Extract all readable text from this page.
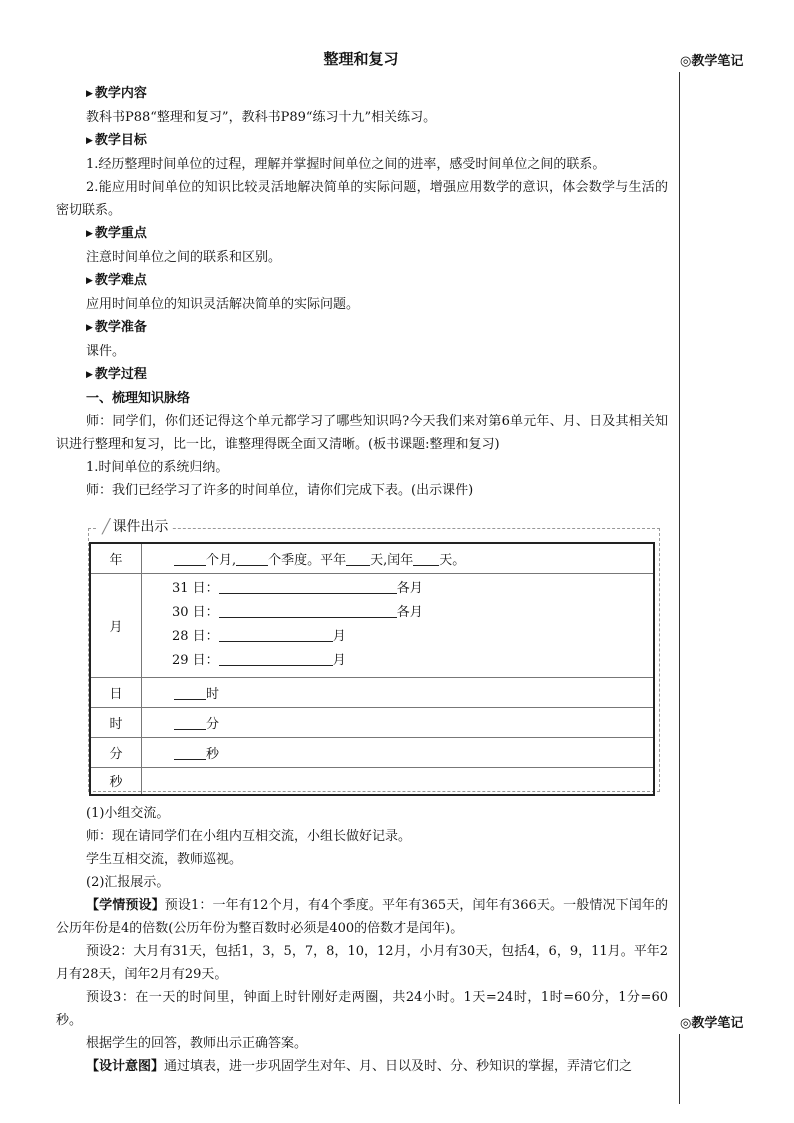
整理和复习	◎教学笔记
◎教学笔记

▶ 教学内容

教科书P88“整理和复习”，教科书P89“练习十九”相关练习。

▶ 教学目标

1.经历整理时间单位的过程，理解并掌握时间单位之间的进率，感受时间单位之间的联系。

2.能应用时间单位的知识比较灵活地解决简单的实际问题，增强应用数学的意识，体会数学与生活的密切联系。

▶ 教学重点

注意时间单位之间的联系和区别。

▶ 教学难点

应用时间单位的知识灵活解决简单的实际问题。

▶ 教学准备

课件。

▶ 教学过程

一、梳理知识脉络

师：同学们，你们还记得这个单元都学习了哪些知识吗?今天我们来对第6单元年、月、日及其相关知识进行整理和复习，比一比，谁整理得既全面又清晰。(板书课题:整理和复习)

1.时间单位的系统归纳。

师：我们已经学习了许多的时间单位，请你们完成下表。(出示课件)

╱ 课件出示
年	个月, 个季度。平年 天,闰年 天。
月	31 日： 各月
30 日： 各月
28 日： 月
29 日： 月

日	时
时	分
分	秒
秒	

(1)小组交流。

师：现在请同学们在小组内互相交流，小组长做好记录。

学生互相交流，教师巡视。

(2)汇报展示。

【学情预设】预设1：一年有12个月，有4个季度。平年有365天，闰年有366天。一般情况下闰年的公历年份是4的倍数(公历年份为整百数时必须是400的倍数才是闰年)。

预设2：大月有31天，包括1，3，5，7，8，10，12月，小月有30天，包括4，6，9，11月。平年2月有28天，闰年2月有29天。

预设3：在一天的时间里，钟面上时针刚好走两圈，共24小时。1天=24时，1时=60分，1分=60秒。

根据学生的回答，教师出示正确答案。

【设计意图】通过填表，进一步巩固学生对年、月、日以及时、分、秒知识的掌握，弄清它们之
